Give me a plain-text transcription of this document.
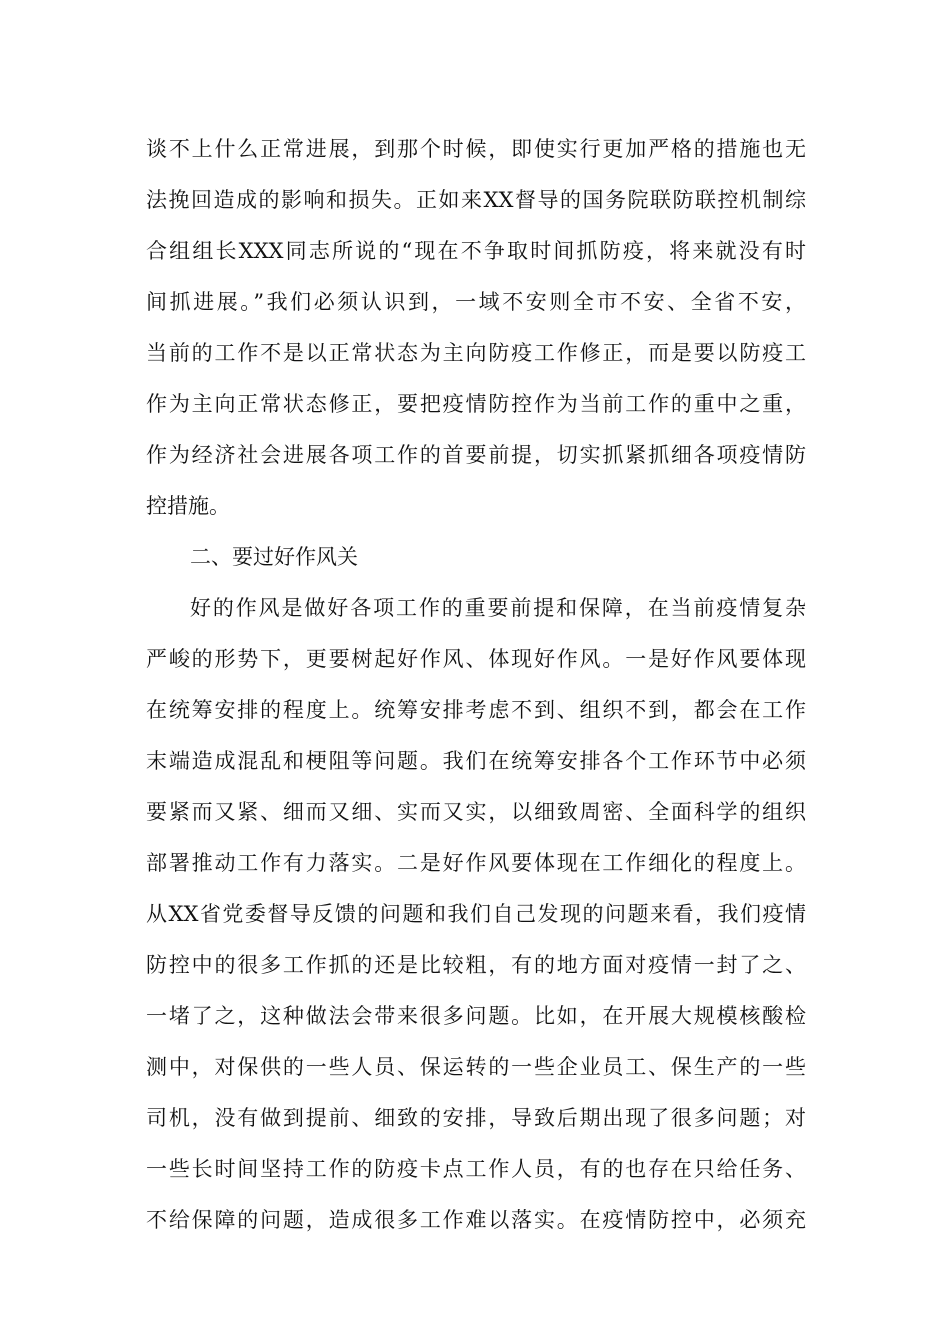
谈不上什么正常进展，到那个时候，即使实行更加严格的措施也无
法挽回造成的影响和损失。正如来XX督导的国务院联防联控机制综
合组组长XXX同志所说的“现在不争取时间抓防疫，将来就没有时
间抓进展。”我们必须认识到，一域不安则全市不安、全省不安，
当前的工作不是以正常状态为主向防疫工作修正，而是要以防疫工
作为主向正常状态修正，要把疫情防控作为当前工作的重中之重，
作为经济社会进展各项工作的首要前提，切实抓紧抓细各项疫情防
控措施。
二、要过好作风关
好的作风是做好各项工作的重要前提和保障，在当前疫情复杂
严峻的形势下，更要树起好作风、体现好作风。一是好作风要体现
在统筹安排的程度上。统筹安排考虑不到、组织不到，都会在工作
末端造成混乱和梗阻等问题。我们在统筹安排各个工作环节中必须
要紧而又紧、细而又细、实而又实，以细致周密、全面科学的组织
部署推动工作有力落实。二是好作风要体现在工作细化的程度上。
从XX省党委督导反馈的问题和我们自己发现的问题来看，我们疫情
防控中的很多工作抓的还是比较粗，有的地方面对疫情一封了之、
一堵了之，这种做法会带来很多问题。比如，在开展大规模核酸检
测中，对保供的一些人员、保运转的一些企业员工、保生产的一些
司机，没有做到提前、细致的安排，导致后期出现了很多问题；对
一些长时间坚持工作的防疫卡点工作人员，有的也存在只给任务、
不给保障的问题，造成很多工作难以落实。在疫情防控中，必须充
